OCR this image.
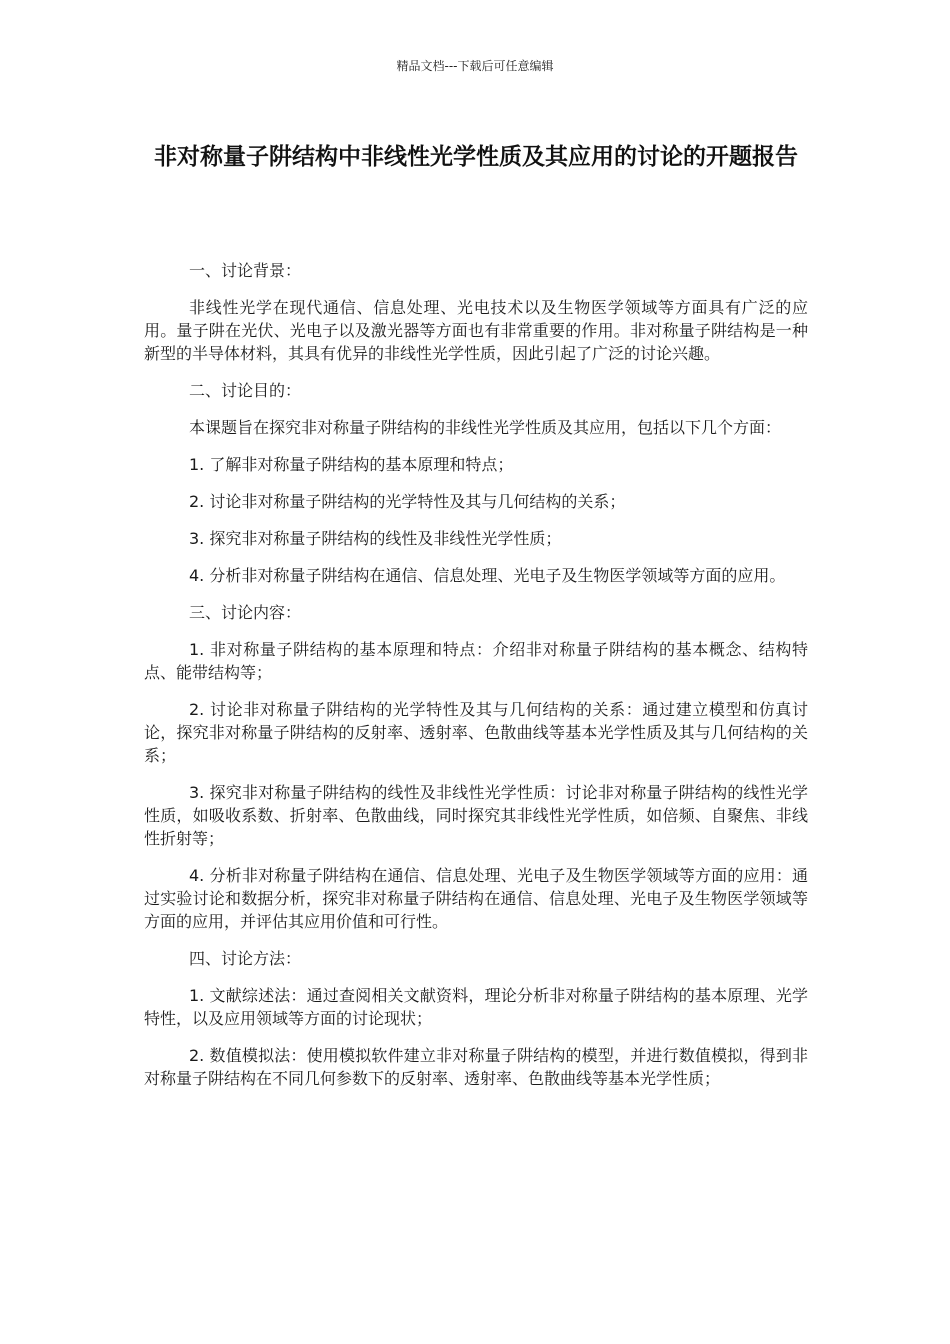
精品文档---下载后可任意编辑
非对称量子阱结构中非线性光学性质及其应用的讨论的开题报告

一、讨论背景：

非线性光学在现代通信、信息处理、光电技术以及生物医学领域等方面具有广泛的应用。量子阱在光伏、光电子以及激光器等方面也有非常重要的作用。非对称量子阱结构是一种新型的半导体材料，其具有优异的非线性光学性质，因此引起了广泛的讨论兴趣。

二、讨论目的：

本课题旨在探究非对称量子阱结构的非线性光学性质及其应用，包括以下几个方面：

1. 了解非对称量子阱结构的基本原理和特点；

2. 讨论非对称量子阱结构的光学特性及其与几何结构的关系；

3. 探究非对称量子阱结构的线性及非线性光学性质；

4. 分析非对称量子阱结构在通信、信息处理、光电子及生物医学领域等方面的应用。

三、讨论内容：

1. 非对称量子阱结构的基本原理和特点：介绍非对称量子阱结构的基本概念、结构特点、能带结构等；

2. 讨论非对称量子阱结构的光学特性及其与几何结构的关系：通过建立模型和仿真讨论，探究非对称量子阱结构的反射率、透射率、色散曲线等基本光学性质及其与几何结构的关系；

3. 探究非对称量子阱结构的线性及非线性光学性质：讨论非对称量子阱结构的线性光学性质，如吸收系数、折射率、色散曲线，同时探究其非线性光学性质，如倍频、自聚焦、非线性折射等；

4. 分析非对称量子阱结构在通信、信息处理、光电子及生物医学领域等方面的应用：通过实验讨论和数据分析，探究非对称量子阱结构在通信、信息处理、光电子及生物医学领域等方面的应用，并评估其应用价值和可行性。

四、讨论方法：

1. 文献综述法：通过查阅相关文献资料，理论分析非对称量子阱结构的基本原理、光学特性，以及应用领域等方面的讨论现状；

2. 数值模拟法：使用模拟软件建立非对称量子阱结构的模型，并进行数值模拟，得到非对称量子阱结构在不同几何参数下的反射率、透射率、色散曲线等基本光学性质；
